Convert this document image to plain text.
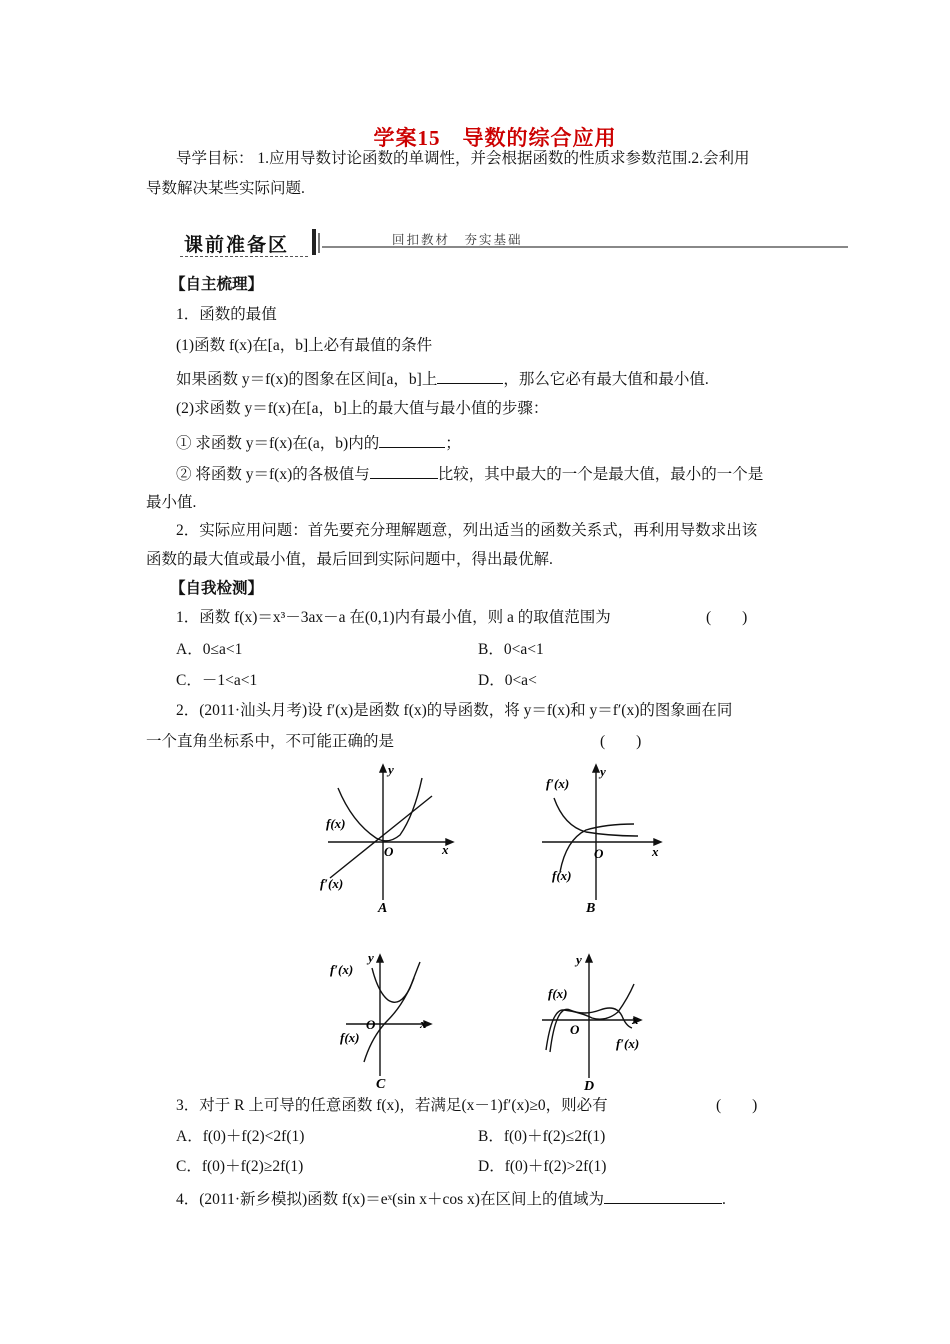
学案15　导数的综合应用
导学目标： 1.应用导数讨论函数的单调性，并会根据函数的性质求参数范围.2.会利用
导数解决某些实际问题.
课前准备区	回扣教材　夯实基础
【自主梳理】
1．函数的最值
(1)函数 f(x)在[a，b]上必有最值的条件
如果函数 y＝f(x)的图象在区间[a，b]上	，那么它必有最大值和最小值.
(2)求函数 y＝f(x)在[a，b]上的最大值与最小值的步骤：
① 求函数 y＝f(x)在(a，b)内的	；
② 将函数 y＝f(x)的各极值与	比较，其中最大的一个是最大值，最小的一个是
最小值.
2．实际应用问题：首先要充分理解题意，列出适当的函数关系式，再利用导数求出该
函数的最大值或最小值，最后回到实际问题中，得出最优解.
【自我检测】
1．函数 f(x)＝x³－3ax－a 在(0,1)内有最小值，则 a 的取值范围为	(　　)
A．0≤a<1	B．0<a<1
C．－1<a<1	D．0<a<
2．(2011·汕头月考)设 f′(x)是函数 f(x)的导函数，将 y＝f(x)和 y＝f′(x)的图象画在同
一个直角坐标系中，不可能正确的是	(　　)
x
y
O
f(x)
f′(x)
A
x
y
O
f′(x)
f(x)
B
x
y
O
f′(x)
f(x)
C
x
y
O
f(x)
f′(x)
D
3．对于 R 上可导的任意函数 f(x)，若满足(x－1)f′(x)≥0，则必有	(　　)
A．f(0)＋f(2)<2f(1)	B．f(0)＋f(2)≤2f(1)
C．f(0)＋f(2)≥2f(1)	D．f(0)＋f(2)>2f(1)
4．(2011·新乡模拟)函数 f(x)＝eˣ(sin x＋cos x)在区间上的值域为	.
